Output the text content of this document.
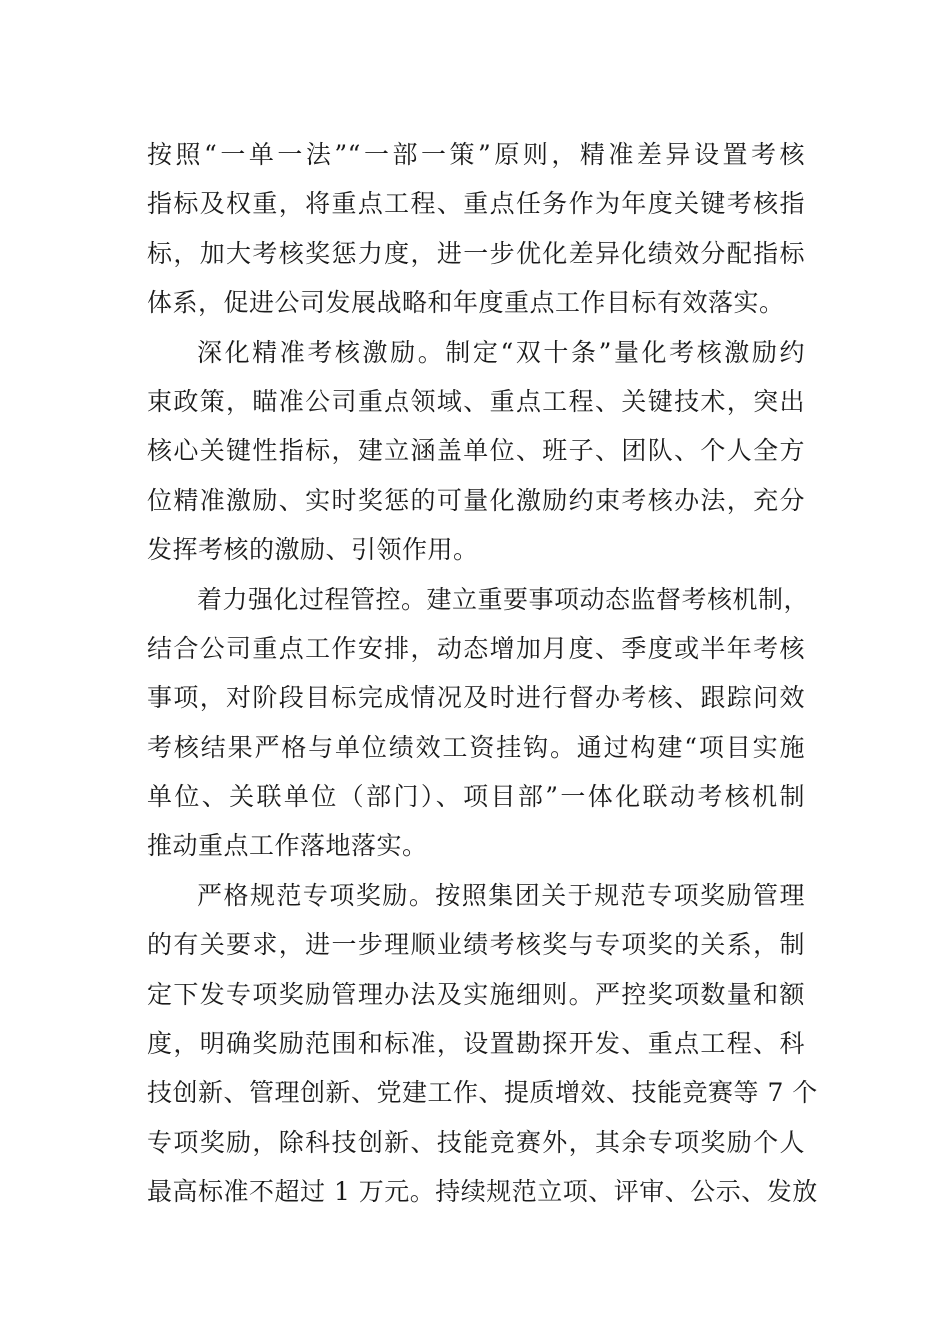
按照“一单一法”“一部一策”原则，精准差异设置考核
指标及权重，将重点工程、重点任务作为年度关键考核指
标，加大考核奖惩力度，进一步优化差异化绩效分配指标
体系，促进公司发展战略和年度重点工作目标有效落实。
深化精准考核激励。制定“双十条”量化考核激励约
束政策，瞄准公司重点领域、重点工程、关键技术，突出
核心关键性指标，建立涵盖单位、班子、团队、个人全方
位精准激励、实时奖惩的可量化激励约束考核办法，充分
发挥考核的激励、引领作用。
着力强化过程管控。建立重要事项动态监督考核机制，
结合公司重点工作安排，动态增加月度、季度或半年考核
事项，对阶段目标完成情况及时进行督办考核、跟踪问效
考核结果严格与单位绩效工资挂钩。通过构建“项目实施
单位、关联单位（部门）、项目部”一体化联动考核机制
推动重点工作落地落实。
严格规范专项奖励。按照集团关于规范专项奖励管理
的有关要求，进一步理顺业绩考核奖与专项奖的关系，制
定下发专项奖励管理办法及实施细则。严控奖项数量和额
度，明确奖励范围和标准，设置勘探开发、重点工程、科
技创新、管理创新、党建工作、提质增效、技能竞赛等 7 个
专项奖励，除科技创新、技能竞赛外，其余专项奖励个人
最高标准不超过 1 万元。持续规范立项、评审、公示、发放
